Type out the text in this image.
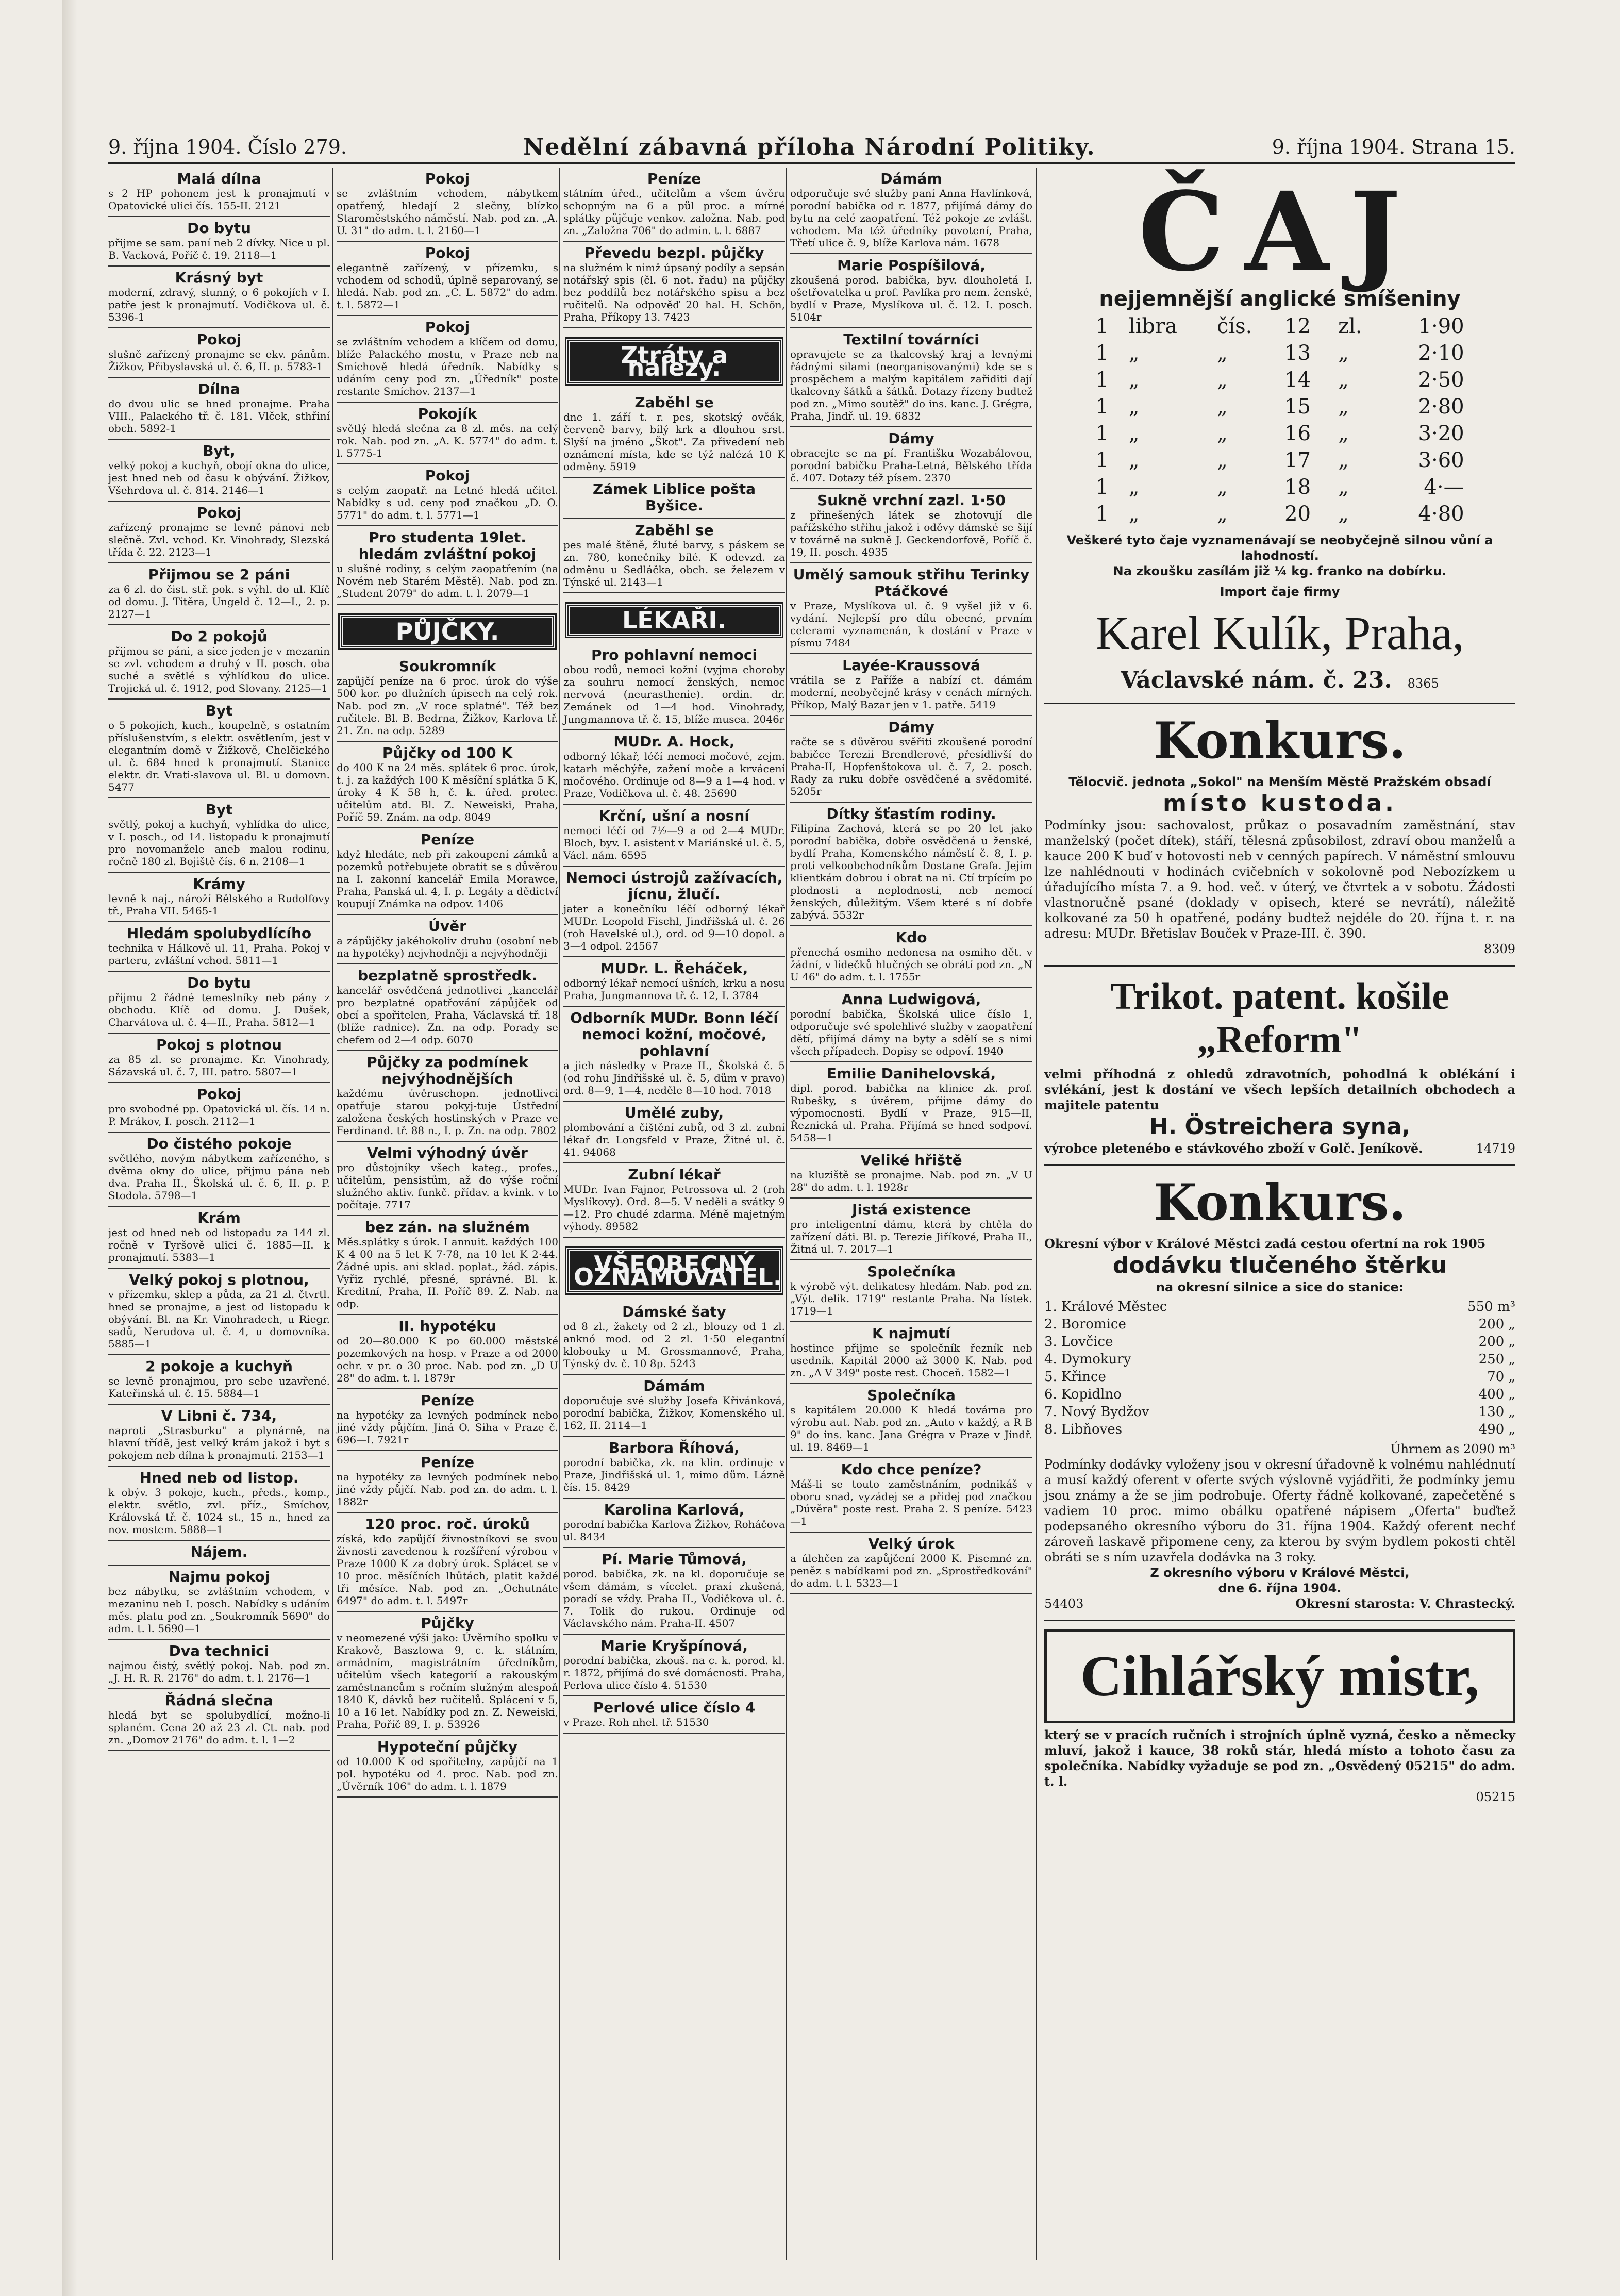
9. října 1904. Číslo 279.	Nedělní zábavná příloha Národní Politiky.	9. října 1904. Strana 15.
Malá dílna
s 2 HP pohonem jest k pronajmutí v Opatovické ulici čís. 155-II. 2121
Do bytu
přijme se sam. paní neb 2 dívky. Nice u pl. B. Vacková, Poříč č. 19. 2118—1
Krásný byt
moderní, zdravý, slunný, o 6 pokojích v I. patře jest k pronajmutí. Vodičkova ul. č. 5396-1
Pokoj
slušně zařízený pronajme se ekv. pánům. Žižkov, Přibyslavská ul. č. 6, II. p. 5783-1
Dílna
do dvou ulic se hned pronajme. Praha VIII., Palackého tř. č. 181. Vlček, sthřiní obch. 5892-1
Byt,
velký pokoj a kuchyň, obojí okna do ulice, jest hned neb od času k obývání. Žižkov, Všehrdova ul. č. 814. 2146—1
Pokoj
zařízený pronajme se levně pánovi neb slečně. Zvl. vchod. Kr. Vinohrady, Slezská třída č. 22. 2123—1
Přijmou se 2 páni
za 6 zl. do čist. stř. pok. s výhl. do ul. Klíč od domu. J. Titěra, Ungeld č. 12—I., 2. p. 2127—1
Do 2 pokojů
přijmou se páni, a sice jeden je v mezanin se zvl. vchodem a druhý v II. posch. oba suché a světlé s výhlídkou do ulice. Trojická ul. č. 1912, pod Slovany. 2125—1
Byt
o 5 pokojích, kuch., koupelně, s ostatním příslušenstvím, s elektr. osvětlením, jest v elegantním domě v Žižkově, Chelčického ul. č. 684 hned k pronajmutí. Stanice elektr. dr. Vrati-slavova ul. Bl. u domovn. 5477
Byt
světlý, pokoj a kuchyň, vyhlídka do ulice, v I. posch., od 14. listopadu k pronajmutí pro novomanžele aneb malou rodinu, ročně 180 zl. Bojiště čís. 6 n. 2108—1
Krámy
levně k naj., nároží Bělského a Rudolfovy tř., Praha VII. 5465-1
Hledám spolubydlícího
technika v Hálkově ul. 11, Praha. Pokoj v parteru, zvláštní vchod. 5811—1
Do bytu
přijmu 2 řádné temeslníky neb pány z obchodu. Klíč od domu. J. Dušek, Charvátova ul. č. 4—II., Praha. 5812—1
Pokoj s plotnou
za 85 zl. se pronajme. Kr. Vinohrady, Sázavská ul. č. 7, III. patro. 5807—1
Pokoj
pro svobodné pp. Opatovická ul. čís. 14 n. P. Mrákov, I. posch. 2112—1
Do čistého pokoje
světlého, novým nábytkem zařízeného, s dvěma okny do ulice, přijmu pána neb dva. Praha II., Školská ul. č. 6, II. p. P. Stodola. 5798—1
Krám
jest od hned neb od listopadu za 144 zl. ročně v Tyršově ulici č. 1885—II. k pronajmutí. 5383—1
Velký pokoj s plotnou,
v přízemku, sklep a půda, za 21 zl. čtvrtl. hned se pronajme, a jest od listopadu k obývání. Bl. na Kr. Vinohradech, u Riegr. sadů, Nerudova ul. č. 4, u domovníka. 5885—1
2 pokoje a kuchyň
se levně pronajmou, pro sebe uzavřené. Kateřinská ul. č. 15. 5884—1
V Libni č. 734,
naproti „Strasburku" a plynárně, na hlavní třídě, jest velký krám jakož i byt s pokojem neb dílna k pronajmutí. 2153—1
Hned neb od listop.
k obýv. 3 pokoje, kuch., předs., komp., elektr. světlo, zvl. příz., Smíchov, Královská tř. č. 1024 st., 15 n., hned za nov. mostem. 5888—1
Nájem.
Najmu pokoj
bez nábytku, se zvláštním vchodem, v mezaninu neb I. posch. Nabídky s udáním měs. platu pod zn. „Soukromník 5690" do adm. t. l. 5690—1
Dva technici
najmou čistý, světlý pokoj. Nab. pod zn. „J. H. R. R. 2176" do adm. t. l. 2176—1
Řádná slečna
hledá byt se spolubydlící, možno-li splaném. Cena 20 až 23 zl. Ct. nab. pod zn. „Domov 2176" do adm. t. l. 1—2
Pokoj
se zvláštním vchodem, nábytkem opatřený, hledají 2 slečny, blízko Staroměstského náměstí. Nab. pod zn. „A. U. 31" do adm. t. l. 2160—1
Pokoj
elegantně zařízený, v přízemku, s vchodem od schodů, úplně separovaný, se hledá. Nab. pod zn. „C. L. 5872" do adm. t. l. 5872—1
Pokoj
se zvláštním vchodem a klíčem od domu, blíže Palackého mostu, v Praze neb na Smíchově hledá úředník. Nabídky s udáním ceny pod zn. „Úředník" poste restante Smíchov. 2137—1
Pokojík
světlý hledá slečna za 8 zl. měs. na celý rok. Nab. pod zn. „A. K. 5774" do adm. t. l. 5775-1
Pokoj
s celým zaopatř. na Letné hledá učitel. Nabídky s ud. ceny pod značkou „D. O. 5771" do adm. t. l. 5771—1
Pro studenta 19let. hledám zvláštní pokoj
u slušné rodiny, s celým zaopatřením (na Novém neb Starém Městě). Nab. pod zn. „Student 2079" do adm. t. l. 2079—1
PŮJČKY.
Soukromník
zapůjčí peníze na 6 proc. úrok do výše 500 kor. po dlužních úpisech na celý rok. Nab. pod zn. „V roce splatné". Též bez ručitele. Bl. B. Bedrna, Žižkov, Karlova tř. 21. Zn. na odp. 5289
Půjčky od 100 K
do 400 K na 24 měs. splátek 6 proc. úrok, t. j. za každých 100 K měsíční splátka 5 K, úroky 4 K 58 h, č. k. úřed. protec. učitelům atd. Bl. Z. Neweiski, Praha, Poříč 59. Znám. na odp. 8049
Peníze
když hledáte, neb při zakoupení zámků a pozemků potřebujete obratit se s důvěrou na I. zakonní kancelář Emila Morawce, Praha, Panská ul. 4, I. p. Legáty a dědictví koupují Známka na odpov. 1406
Úvěr
a zápůjčky jakéhokoliv druhu (osobní neb na hypotéky) nejvhodněji a nejvýhodněji
bezplatně sprostředk.
kancelář osvědčená jednotlivci „kancelář pro bezplatné opatřování zápůjček od obcí a spořitelen, Praha, Václavská tř. 18 (blíže radnice). Zn. na odp. Porady se chefem od 2—4 odp. 6070
Půjčky za podmínek nejvýhodnějších
každému úvěruschopn. jednotlivci opatřuje starou pokyj-tuje Ústřední založena českých hostinských v Praze ve Ferdinand. tř. 88 n., I. p. Zn. na odp. 7802
Velmi výhodný úvěr
pro důstojníky všech kateg., profes., učitelům, pensistům, až do výše roční služného aktiv. funkč. přídav. a kvink. v to počítaje. 7717
bez zán. na služném
Měs.splátky s úrok. I annuit. každých 100 K 4 00 na 5 let K 7·78, na 10 let K 2·44. Žádné upis. ani sklad. poplat., žád. zápis. Vyřiz rychlé, přesné, správné. Bl. k. Kreditní, Praha, II. Poříč 89. Z. Nab. na odp.
II. hypotéku
od 20—80.000 K po 60.000 městské pozemkových na hosp. v Praze a od 2000 ochr. v pr. o 30 proc. Nab. pod zn. „D U 28" do adm. t. l. 1879r
Peníze
na hypotéky za levných podmínek nebo jiné vždy půjčím. Jiná O. Siha v Praze č. 696—I. 7921r
Peníze
na hypotéky za levných podmínek nebo jiné vždy půjčí. Nab. pod zn. do adm. t. l. 1882r
120 proc. roč. úroků
získá, kdo zapůjčí živnostníkovi se svou živnosti zavedenou k rozšíření výrobou v Praze 1000 K za dobrý úrok. Splácet se v 10 proc. měsíčních lhůtách, platit každé tři měsíce. Nab. pod zn. „Ochutnáte 6497" do adm. t. l. 5497r
Půjčky
v neomezené výši jako: Úvěrního spolku v Krakově, Basztowa 9, c. k. státním, armádním, magistrátním úředníkům, učitelům všech kategorií a rakouským zaměstnancům s ročním služným alespoň 1840 K, dávků bez ručitelů. Splácení v 5, 10 a 16 let. Nabídky pod zn. Z. Neweiski, Praha, Poříč 89, I. p. 53926
Hypoteční půjčky
od 10.000 K od spořitelny, zapůjčí na 1 pol. hypotéku od 4. proc. Nab. pod zn. „Úvěrník 106" do adm. t. l. 1879
Peníze
státním úřed., učitelům a všem úvěru schopným na 6 a půl proc. a mírné splátky půjčuje venkov. založna. Nab. pod zn. „Založna 706" do admin. t. l. 6887
Převedu bezpl. půjčky
na služném k nimž úpsaný podíly a sepsán notářský spis (čl. 6 not. řadu) na půjčky bez poddílů bez notářského spisu a bez ručitelů. Na odpověď 20 hal. H. Schön, Praha, Příkopy 13. 7423
Ztráty a nálezy.
Zaběhl se
dne 1. září t. r. pes, skotský ovčák, červeně barvy, bílý krk a dlouhou srst. Slyší na jméno „Škot". Za přivedení neb oznámení místa, kde se týž nalézá 10 K odměny. 5919
Zámek Liblice pošta Byšice.
Zaběhl se
pes malé štěně, žluté barvy, s páskem se zn. 780, konečníky bílé. K odevzd. za odměnu u Sedláčka, obch. se železem v Týnské ul. 2143—1
LÉKAŘI.
Pro pohlavní nemoci
obou rodů, nemoci kožní (vyjma choroby za souhru nemocí ženských, nemoc nervová (neurasthenie). ordin. dr. Zemánek od 1—4 hod. Vinohrady, Jungmannova tř. č. 15, blíže musea. 2046r
MUDr. A. Hock,
odborný lékař, léčí nemoci močové, zejm. katarh měchýře, zažení moče a krvácení močového. Ordinuje od 8—9 a 1—4 hod. v Praze, Vodičkova ul. č. 48. 25690
Krční, ušní a nosní
nemoci léčí od 7½—9 a od 2—4 MUDr. Bloch, byv. I. asistent v Mariánské ul. č. 5, Václ. nám. 6595
Nemoci ústrojů zažívacích, jícnu, žlučí.
jater a konečníku léčí odborný lékař MUDr. Leopold Fischl, Jindřišská ul. č. 26 (roh Havelské ul.), ord. od 9—10 dopol. a 3—4 odpol. 24567
MUDr. L. Řeháček,
odborný lékař nemocí ušních, krku a nosu Praha, Jungmannova tř. č. 12, I. 3784
Odborník MUDr. Bonn léčí nemoci kožní, močové, pohlavní
a jich následky v Praze II., Školská č. 5 (od rohu Jindřišské ul. č. 5, dům v pravo) ord. 8—9, 1—4, neděle 8—10 hod. 7018
Umělé zuby,
plombování a čištění zubů, od 3 zl. zubní lékař dr. Longsfeld v Praze, Žitné ul. č. 41. 94068
Zubní lékař
MUDr. Ivan Fajnor, Petrossova ul. 2 (roh Myslíkovy). Ord. 8—5. V neděli a svátky 9—12. Pro chudé zdarma. Méně majetným výhody. 89582
VŠEOBECNÝ OZNAMOVATEL.
Dámské šaty
od 8 zl., žakety od 2 zl., blouzy od 1 zl. anknó mod. od 2 zl. 1·50 elegantní klobouky u M. Grossmannové, Praha, Týnský dv. č. 10 8p. 5243
Dámám
doporučuje své služby Josefa Křivánková, porodní babička, Žižkov, Komenského ul. 162, II. 2114—1
Barbora Říhová,
porodní babička, zk. na klin. ordinuje v Praze, Jindřišská ul. 1, mimo dům. Lázně čís. 15. 8429
Karolina Karlová,
porodní babička Karlova Žižkov, Roháčova ul. 8434
Pí. Marie Tůmová,
porod. babička, zk. na kl. doporučuje se všem dámám, s vícelet. praxí zkušená, poradí se vždy. Praha II., Vodičkova ul. č. 7. Tolik do rukou. Ordinuje od Václavského nám. Praha-II. 4507
Marie Kryšpínová,
porodní babička, zkouš. na c. k. porod. kl. r. 1872, přijímá do své domácnosti. Praha, Perlova ulice číslo 4. 51530
Perlové ulice číslo 4
v Praze. Roh nhel. tř. 51530
Dámám
odporučuje své služby paní Anna Havlínková, porodní babička od r. 1877, přijímá dámy do bytu na celé zaopatření. Též pokoje ze zvlášt. vchodem. Ma též úředníky povotení, Praha, Třetí ulice č. 9, blíže Karlova nám. 1678
Marie Pospíšilová,
zkoušená porod. babička, byv. dlouholetá I. ošetřovatelka u prof. Pavlíka pro nem. ženské, bydlí v Praze, Myslíkova ul. č. 12. I. posch. 5104r
Textilní továrníci
opravujete se za tkalcovský kraj a levnými řádnými silami (neorganisovanými) kde se s prospěchem a malým kapitálem zařiditi dají tkalcovny šátků a šátků. Dotazy řízeny budtež pod zn. „Mimo soutěž" do ins. kanc. J. Grégra, Praha, Jindř. ul. 19. 6832
Dámy
obracejte se na pí. Františku Wozabálovou, porodní babičku Praha-Letná, Bělského třída č. 407. Dotazy též písem. 2370
Sukně vrchní zazl. 1·50
z přinešených látek se zhotovují dle pařížského střihu jakož i oděvy dámské se šijí v továrně na sukně J. Geckendorfově, Poříč č. 19, II. posch. 4935
Umělý samouk střihu Terinky Ptáčkové
v Praze, Myslíkova ul. č. 9 vyšel již v 6. vydání. Nejlepší pro dílu obecné, prvním celerami vyznamenán, k dostání v Praze v písmu 7484
Layée-Kraussová
vrátila se z Paříže a nabízí ct. dámám moderní, neobyčejně krásy v cenách mírných. Příkop, Malý Bazar jen v 1. patře. 5419
Dámy
račte se s důvěrou svěřiti zkoušené porodní babičce Terezii Brendlerové, přesídlivší do Praha-II, Hopfenštokova ul. č. 7, 2. posch. Rady za ruku dobře osvědčené a svědomité. 5205r
Dítky šťastím rodiny.
Filipína Zachová, která se po 20 let jako porodní babička, dobře osvědčená u ženské, bydlí Praha, Komenského náměstí č. 8, I. p. proti velkoobchodníkům Dostane Grafa. Jejím klientkám dobrou i obrat na ni. Ctí trpícím po plodnosti a neplodnosti, neb nemocí ženských, důležitým. Všem které s ní dobře zabývá. 5532r
Kdo
přenechá osmiho nedonesa na osmiho dět. v žádní, v lidečků hlučných se obrátí pod zn. „N U 46" do adm. t. l. 1755r
Anna Ludwigová,
porodní babička, Školská ulice číslo 1, odporučuje své spolehlivé služby v zaopatření dětí, přijímá dámy na byty a sdělí se s nimi všech případech. Dopisy se odpoví. 1940
Emilie Danihelovská,
dipl. porod. babička na klinice zk. prof. Rubešky, s úvěrem, přijme dámy do výpomocnosti. Bydlí v Praze, 915—II, Řeznická ul. Praha. Přijímá se hned sodpoví. 5458—1
Veliké hřiště
na kluziště se pronajme. Nab. pod zn. „V U 28" do adm. t. l. 1928r
Jistá existence
pro inteligentní dámu, která by chtěla do zařízení dáti. Bl. p. Terezie Jiříkové, Praha II., Žitná ul. 7. 2017—1
Společníka
k výrobě výt. delikatesy hledám. Nab. pod zn. „Výt. delik. 1719" restante Praha. Na lístek. 1719—1
K najmutí
hostince přijme se společník řezník neb usedník. Kapitál 2000 až 3000 K. Nab. pod zn. „A V 349" poste rest. Choceň. 1582—1
Společníka
s kapitálem 20.000 K hledá továrna pro výrobu aut. Nab. pod zn. „Auto v každý, a R B 9" do ins. kanc. Jana Grégra v Praze v Jindř. ul. 19. 8469—1
Kdo chce peníze?
Máš-li se touto zaměstnáním, podnikáš v oboru snad, vyzádej se a přidej pod značkou „Dúvěra" poste rest. Praha 2. S peníze. 5423—1
Velký úrok
a úlehčen za zapůjčení 2000 K. Pisemné zn. peněz s nabídkami pod zn. „Sprostředkování" do adm. t. l. 5323—1
ČAJ
nejjemnější anglické smíšeniny
1	libra	čís.	12	zl.	1·90
1	„	„	13	„	2·10
1	„	„	14	„	2·50
1	„	„	15	„	2·80
1	„	„	16	„	3·20
1	„	„	17	„	3·60
1	„	„	18	„	4·—
1	„	„	20	„	4·80
Veškeré tyto čaje vyznamenávají se neobyčejně silnou vůní a lahodností.
Na zkoušku zasílám již ¼ kg. franko na dobírku.
Import čaje firmy
Karel Kulík, Praha,
Václavské nám. č. 23. 8365
Konkurs.
Tělocvič. jednota „Sokol" na Menším Městě Pražském obsadí
místo kustoda.
Podmínky jsou: sachovalost, průkaz o posavadním zaměstnání, stav manželský (počet dítek), stáří, tělesná způsobilost, zdraví obou manželů a kauce 200 K buď v hotovosti neb v cenných papírech. V náměstní smlouvu lze nahlédnouti v hodinách cvičebních v sokolovně pod Nebozízkem u úřadujícího místa 7. a 9. hod. več. v úterý, ve čtvrtek a v sobotu. Žádosti vlastnoručně psané (doklady v opisech, které se nevrátí), náležitě kolkované za 50 h opatřené, podány budtež nejdéle do 20. října t. r. na adresu: MUDr. Břetislav Bouček v Praze-III. č. 390.
8309
Trikot. patent. košile „Reform"
velmi příhodná z ohledů zdravotních, pohodlná k oblékání i svlékání, jest k dostání ve všech lepších detailních obchodech a majitele patentu
H. Östreichera syna,
výrobce pletenébo e stávkového zboží v Golč. Jeníkově.	14719
Konkurs.
Okresní výbor v Králové Městci zadá cestou ofertní na rok 1905
dodávku tlučeného štěrku
na okresní silnice a sice do stanice:
1. Králové Městec	550 m³
2. Boromice	200 „
3. Lovčice	200 „
4. Dymokury	250 „
5. Křince	70 „
6. Kopidlno	400 „
7. Nový Bydžov	130 „
8. Libňoves	490 „
Úhrnem as 2090 m³
Podmínky dodávky vyloženy jsou v okresní úřadovně k volnému nahlédnutí a musí každý oferent v oferte svých výslovně vyjádřiti, že podmínky jemu jsou známy a že se jim podrobuje. Oferty řádně kolkované, zapečetěné s vadiem 10 proc. mimo obálku opatřené nápisem „Oferta" buďtež podepsaného okresního výboru do 31. října 1904. Každý oferent nechť zároveň laskavě připomene ceny, za kterou by svým bydlem pokosti chtěl obráti se s ním uzavřela dodávka na 3 roky.
Z okresního výboru v Králové Městci,
dne 6. října 1904.
54403	Okresní starosta: V. Chrastecký.
Cihlářský mistr,
který se v pracích ručních i strojních úplně vyzná, česko a německy mluví, jakož i kauce, 38 roků stár, hledá místo a tohoto času za společníka. Nabídky vyžaduje se pod zn. „Osvědený 05215" do adm. t. l.
05215
